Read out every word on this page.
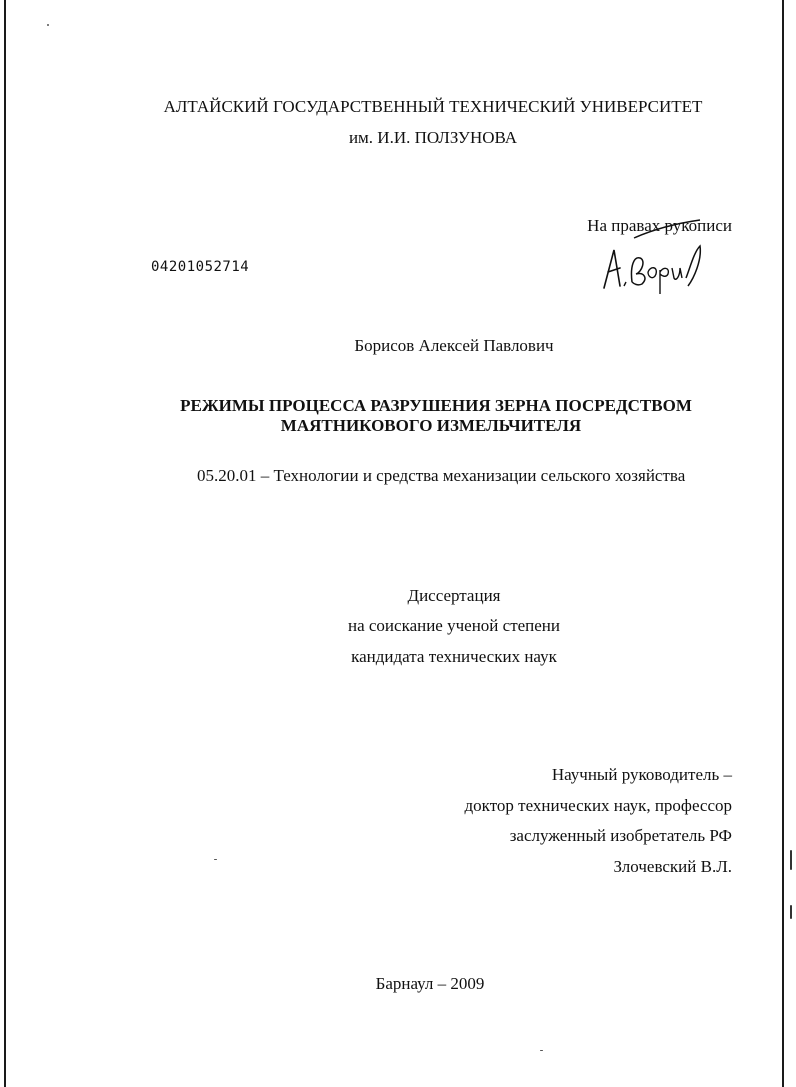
АЛТАЙСКИЙ ГОСУДАРСТВЕННЫЙ ТЕХНИЧЕСКИЙ УНИВЕРСИТЕТ
им. И.И. ПОЛЗУНОВА
На правах рукописи
04201052714
Борисов Алексей Павлович
РЕЖИМЫ ПРОЦЕССА РАЗРУШЕНИЯ ЗЕРНА ПОСРЕДСТВОМ
МАЯТНИКОВОГО ИЗМЕЛЬЧИТЕЛЯ
05.20.01 – Технологии и средства механизации сельского хозяйства
Диссертация
на соискание ученой степени
кандидата технических наук
Научный руководитель –
доктор технических наук, профессор
заслуженный изобретатель РФ
Злочевский В.Л.
Барнаул – 2009
